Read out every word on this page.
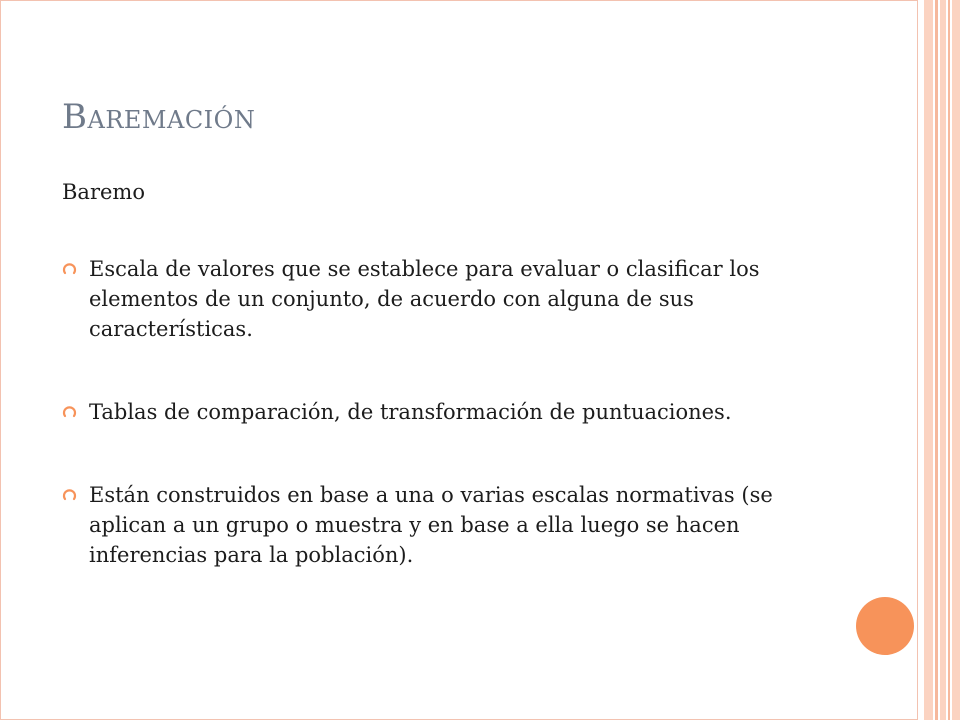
Baremación
Baremo
Escala de valores que se establece para evaluar o clasificar los elementos de un conjunto, de acuerdo con alguna de sus características.
Tablas de comparación, de transformación de puntuaciones.
Están construidos en base a una o varias escalas normativas (se aplican a un grupo o muestra y en base a ella luego se hacen inferencias para la población).
